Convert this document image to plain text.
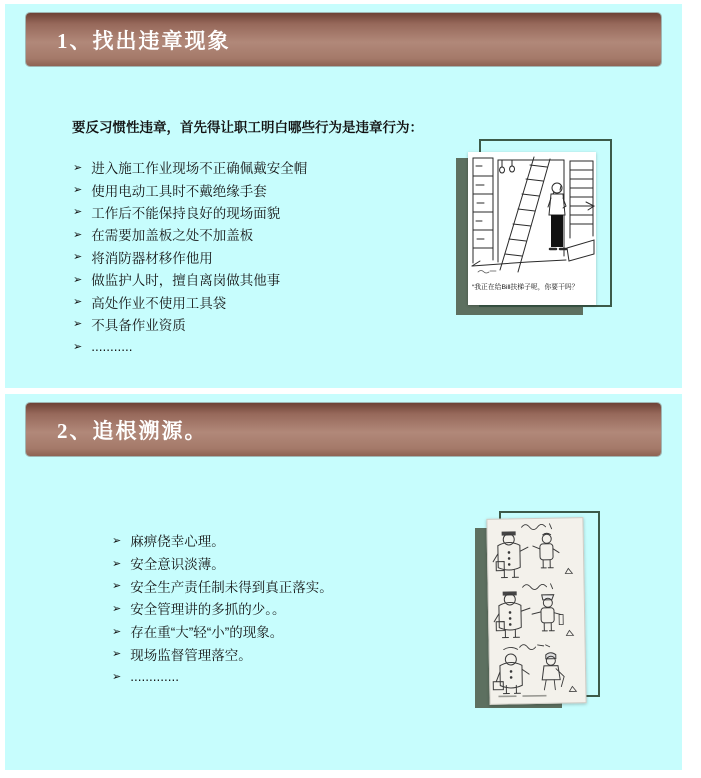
1、找出违章现象
要反习惯性违章，首先得让职工明白哪些行为是违章行为：
➢ 进入施工作业现场不正确佩戴安全帽
➢ 使用电动工具时不戴绝缘手套
➢ 工作后不能保持良好的现场面貌
➢ 在需要加盖板之处不加盖板
➢ 将消防器材移作他用
➢ 做监护人时，擅自离岗做其他事
➢ 高处作业不使用工具袋
➢ 不具备作业资质
➢ ...........
“我正在给Bill扶梯子呢，你要干吗？
2、追根溯源。
➢ 麻痹侥幸心理。
➢ 安全意识淡薄。
➢ 安全生产责任制未得到真正落实。
➢ 安全管理讲的多抓的少。。
➢ 存在重“大”轻“小”的现象。
➢ 现场监督管理落空。
➢ .............
